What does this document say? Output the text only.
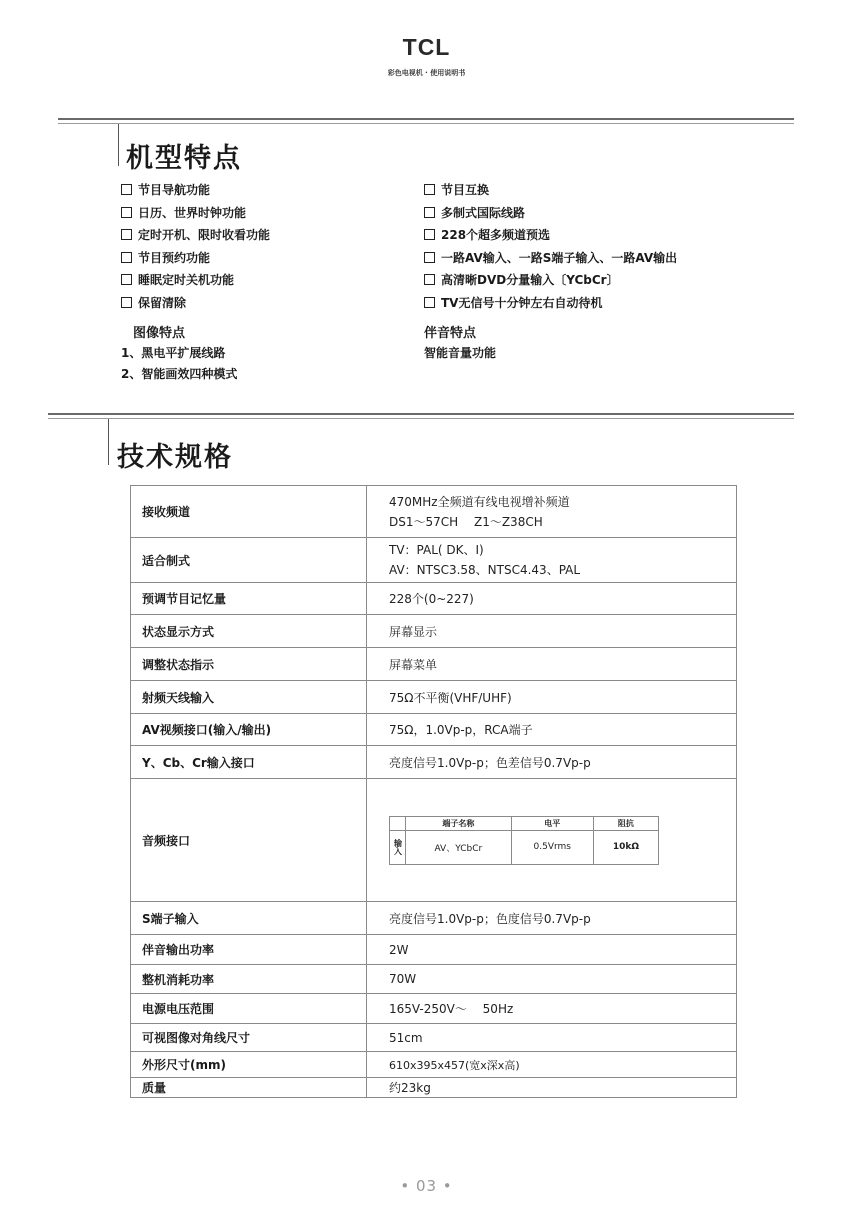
TCL
彩色电视机 · 使用说明书
机型特点
节目导航功能
日历、世界时钟功能
定时开机、限时收看功能
节目预约功能
睡眠定时关机功能
保留清除
节目互换
多制式国际线路
228个超多频道预选
一路AV输入、一路S端子输入、一路AV输出
高清晰DVD分量输入〔YCbCr〕
TV无信号十分钟左右自动待机
图像特点
1、黑电平扩展线路
2、智能画效四种模式
伴音特点
智能音量功能
技术规格
接收频道	
470MHz全频道有线电视增补频道
DS1～57CH　 Z1～Z38CH

适合制式	
TV：PAL( DK、I)
AV：NTSC3.58、NTSC4.43、PAL

预调节目记忆量	228个(0~227)
状态显示方式	屏幕显示
调整状态指示	屏幕菜单
射频天线输入	75Ω不平衡(VHF/UHF)
AV视频接口(输入/输出)	75Ω，1.0Vp-p，RCA端子
Y、Cb、Cr输入接口	亮度信号1.0Vp-p；色差信号0.7Vp-p
音频接口	
	端子名称	电平	阻抗
输入	AV、YCbCr	0.5Vrms	10kΩ

S端子输入	亮度信号1.0Vp-p；色度信号0.7Vp-p
伴音输出功率	2W
整机消耗功率	70W
电源电压范围	165V-250V～　 50Hz
可视图像对角线尺寸	51cm
外形尺寸(mm)	610x395x457(宽x深x高)
质量	约23kg
• 03 •
